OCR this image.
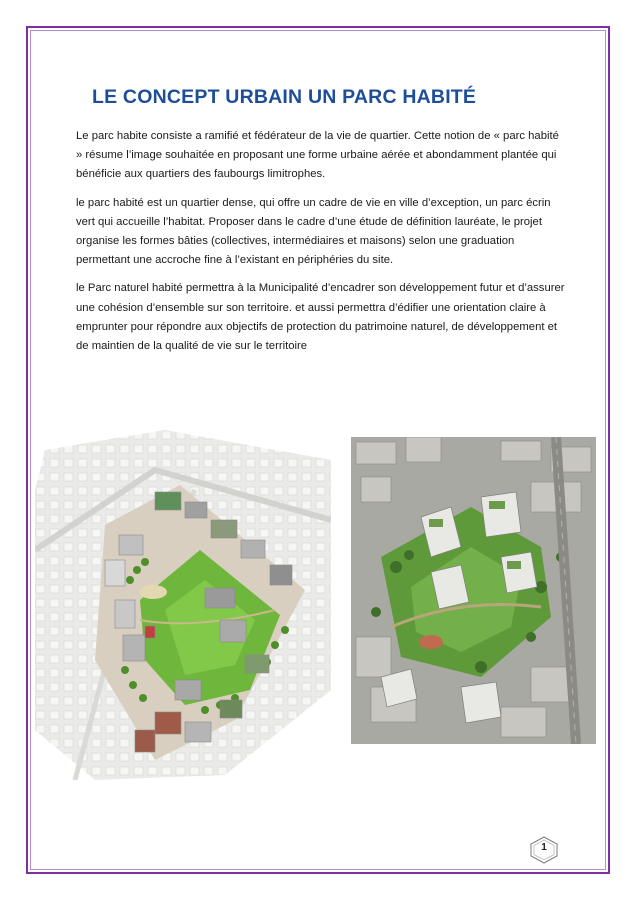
LE CONCEPT URBAIN UN PARC HABITÉ

Le parc habite consiste a ramifié et fédérateur de la vie de quartier. Cette notion de « parc habité » résume l’image souhaitée en proposant une forme urbaine aérée et abondamment plantée qui bénéficie aux quartiers des faubourgs limitrophes.

le parc habité est un quartier dense, qui offre un cadre de vie en ville d’exception, un parc écrin vert qui accueille l’habitat. Proposer dans le cadre d’une étude de définition lauréate, le projet organise les formes bâties (collectives, intermédiaires et maisons) selon une graduation permettant une accroche fine à l’existant en périphéries du site.

le Parc naturel habité permettra à la Municipalité d’encadrer son développement futur et d’assurer une cohésion d’ensemble sur son territoire. et aussi permettra d’édifier une orientation claire à emprunter pour répondre aux objectifs de protection du patrimoine naturel, de développement et de maintien de la qualité de vie sur le territoire

1
